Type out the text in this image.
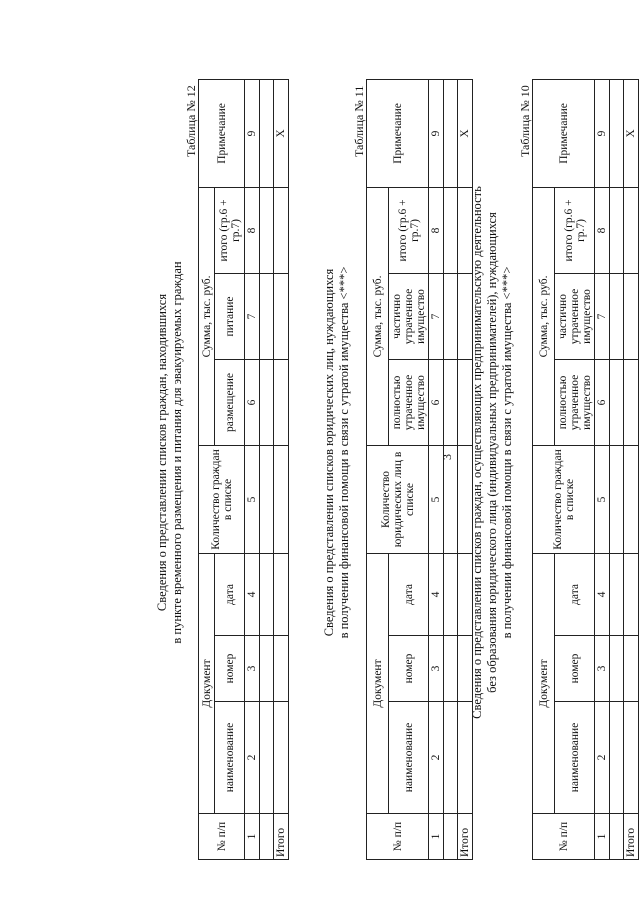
3 Сведения о представлении списков граждан, осуществляющих предпринимательскую деятельность без образования юридического лица (индивидуальных предпринимателей), нуждающихся в получении финансовой помощи в связи с утратой имущества <***>
Таблица № 10
№ п/п	Документ			Количество граждан в списке	Сумма, тыс. руб.			Примечание
	наименование	номер	дата		полностью утраченное имущество	частично утраченное имущество	итого (гр.6 + гр.7)	
1	2	3	4	5	6	7	8	9

Итого								X
Сведения о представлении списков юридических лиц, нуждающихся в получении финансовой помощи в связи с утратой имущества <***>
Таблица № 11
№ п/п	Документ			Количество юридических лиц в списке	Сумма, тыс. руб.			Примечание
	наименование	номер	дата		полностью утраченное имущество	частично утраченное имущество	итого (гр.6 + гр.7)	
1	2	3	4	5	6	7	8	9

Итого								X
Сведения о представлении списков граждан, находившихся в пункте временного размещения и питания для эвакуируемых граждан
Таблица № 12
№ п/п	Документ			Количество граждан в списке	Сумма, тыс. руб.			Примечание
	наименование	номер	дата		размещение	питание	итого (гр.6 + гр.7)	
1	2	3	4	5	6	7	8	9

Итого								X
